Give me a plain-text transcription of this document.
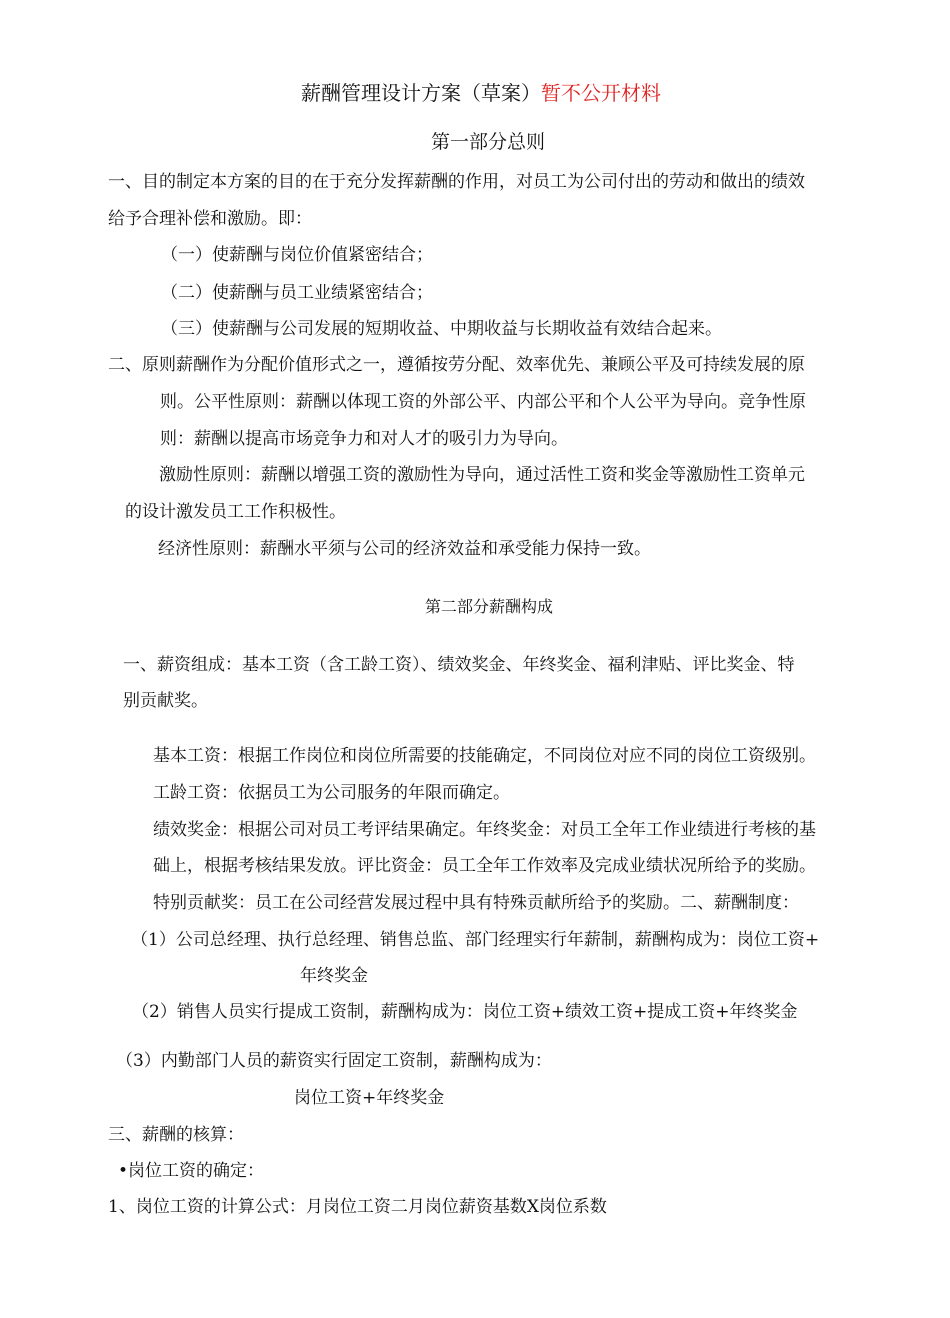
薪酬管理设计方案（草案）暂不公开材料
第一部分总则
一、目的制定本方案的目的在于充分发挥薪酬的作用，对员工为公司付出的劳动和做出的绩效
给予合理补偿和激励。即：
（一）使薪酬与岗位价值紧密结合；
（二）使薪酬与员工业绩紧密结合；
（三）使薪酬与公司发展的短期收益、中期收益与长期收益有效结合起来。
二、原则薪酬作为分配价值形式之一，遵循按劳分配、效率优先、兼顾公平及可持续发展的原
则。公平性原则：薪酬以体现工资的外部公平、内部公平和个人公平为导向。竞争性原
则：薪酬以提高市场竞争力和对人才的吸引力为导向。
激励性原则：薪酬以增强工资的激励性为导向，通过活性工资和奖金等激励性工资单元
的设计激发员工工作积极性。
经济性原则：薪酬水平须与公司的经济效益和承受能力保持一致。
第二部分薪酬构成
一、薪资组成：基本工资（含工龄工资）、绩效奖金、年终奖金、福利津贴、评比奖金、特
别贡献奖。
基本工资：根据工作岗位和岗位所需要的技能确定，不同岗位对应不同的岗位工资级别。
工龄工资：依据员工为公司服务的年限而确定。
绩效奖金：根据公司对员工考评结果确定。年终奖金：对员工全年工作业绩进行考核的基
础上，根据考核结果发放。评比资金：员工全年工作效率及完成业绩状况所给予的奖励。
特别贡献奖：员工在公司经营发展过程中具有特殊贡献所给予的奖励。二、薪酬制度：
（1）公司总经理、执行总经理、销售总监、部门经理实行年薪制，薪酬构成为：岗位工资+
年终奖金
（2）销售人员实行提成工资制，薪酬构成为：岗位工资+绩效工资+提成工资+年终奖金
（3）内勤部门人员的薪资实行固定工资制，薪酬构成为：
岗位工资+年终奖金
三、薪酬的核算：
•岗位工资的确定：
1、岗位工资的计算公式：月岗位工资二月岗位薪资基数X岗位系数
